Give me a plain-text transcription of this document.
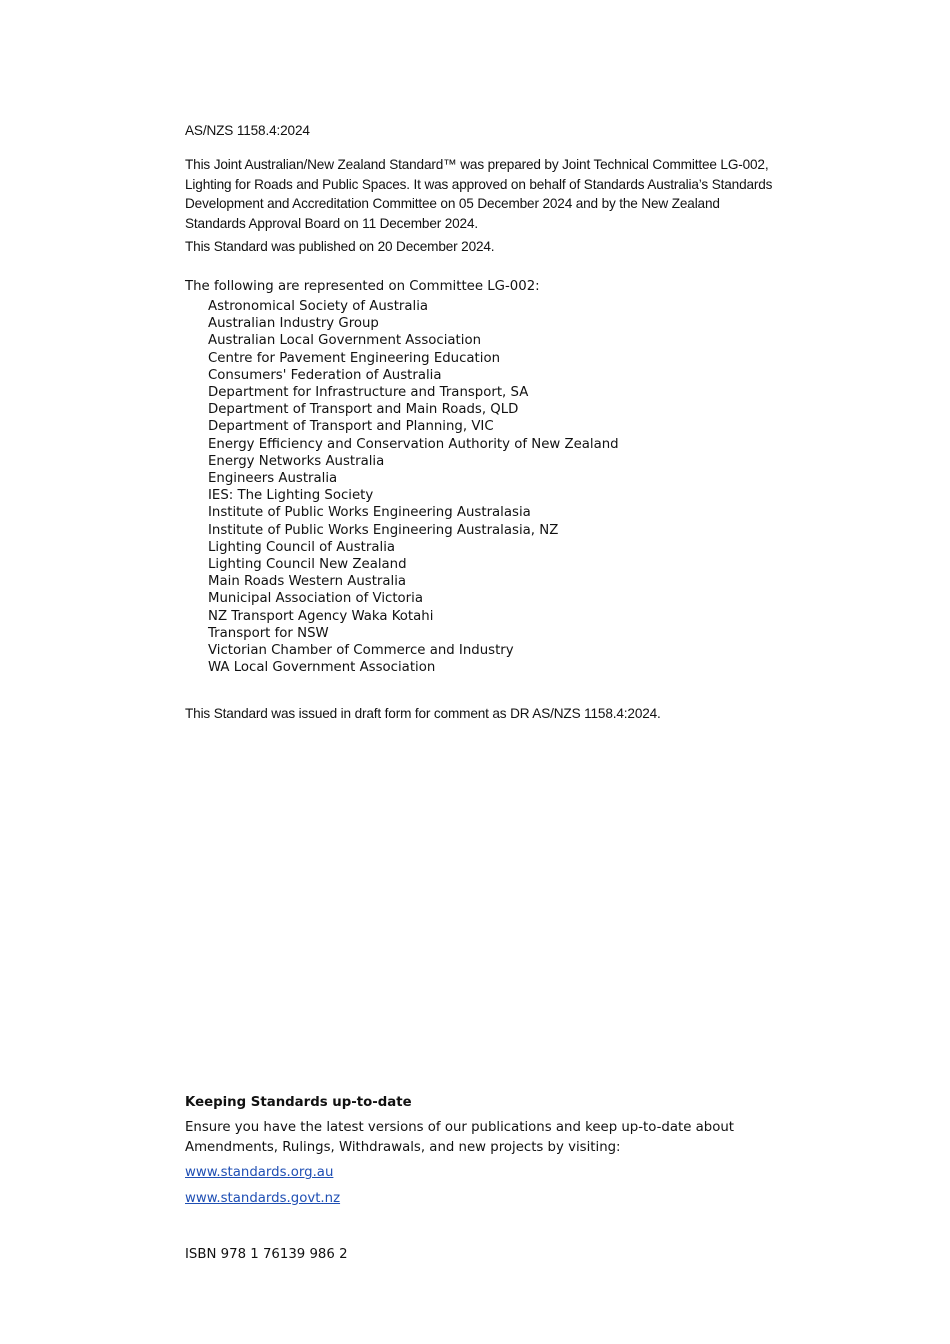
AS/NZS 1158.4:2024

This Joint Australian/New Zealand Standard™ was prepared by Joint Technical Committee LG-002, Lighting for Roads and Public Spaces. It was approved on behalf of Standards Australia’s Standards Development and Accreditation Committee on 05 December 2024 and by the New Zealand Standards Approval Board on 11 December 2024.

This Standard was published on 20 December 2024.
The following are represented on Committee LG-002:
Astronomical Society of Australia
Australian Industry Group
Australian Local Government Association
Centre for Pavement Engineering Education
Consumers' Federation of Australia
Department for Infrastructure and Transport, SA
Department of Transport and Main Roads, QLD
Department of Transport and Planning, VIC
Energy Efficiency and Conservation Authority of New Zealand
Energy Networks Australia
Engineers Australia
IES: The Lighting Society
Institute of Public Works Engineering Australasia
Institute of Public Works Engineering Australasia, NZ
Lighting Council of Australia
Lighting Council New Zealand
Main Roads Western Australia
Municipal Association of Victoria
NZ Transport Agency Waka Kotahi
Transport for NSW
Victorian Chamber of Commerce and Industry
WA Local Government Association
This Standard was issued in draft form for comment as DR AS/NZS 1158.4:2024.
Keeping Standards up-to-date

Ensure you have the latest versions of our publications and keep up-to-date about Amendments, Rulings, Withdrawals, and new projects by visiting:

www.standards.org.au
www.standards.govt.nz
ISBN 978 1 76139 986 2
